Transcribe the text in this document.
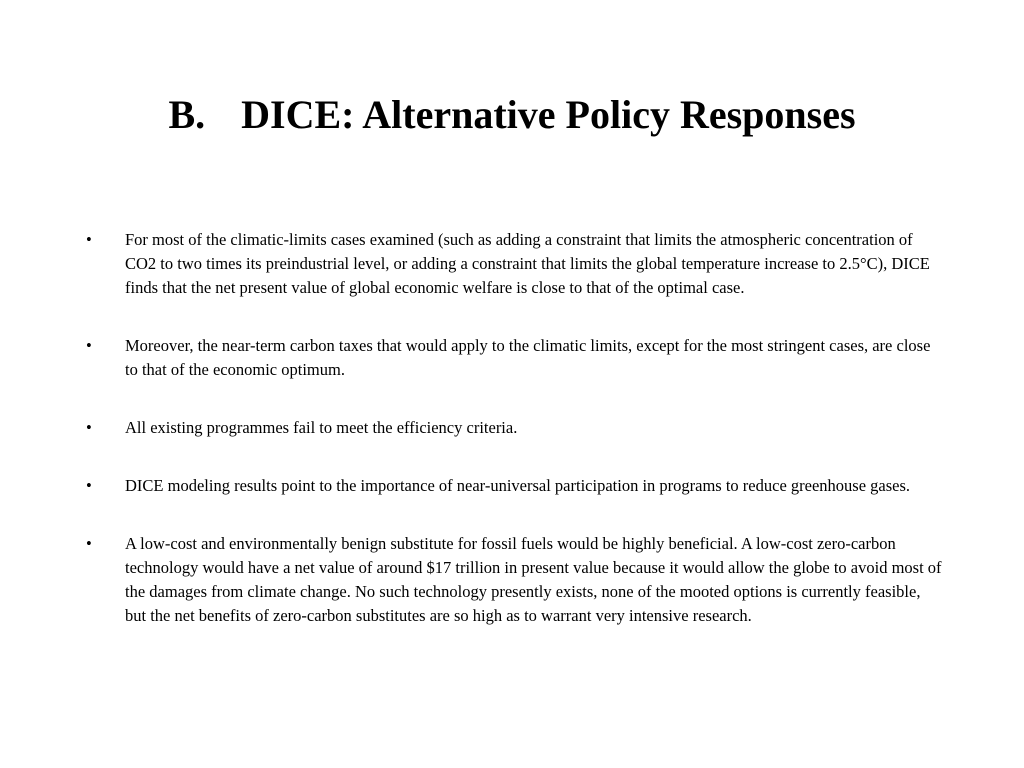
B. DICE: Alternative Policy Responses
•	For most of the climatic-limits cases examined (such as adding a constraint that limits the atmospheric concentration of CO2 to two times its preindustrial level, or adding a constraint that limits the global temperature increase to 2.5°C), DICE finds that the net present value of global economic welfare is close to that of the optimal case.
•	Moreover, the near-term carbon taxes that would apply to the climatic limits, except for the most stringent cases, are close to that of the economic optimum.
•	All existing programmes fail to meet the efficiency criteria.
•	DICE modeling results point to the importance of near-universal participation in programs to reduce greenhouse gases.
•	A low-cost and environmentally benign substitute for fossil fuels would be highly beneficial. A low-cost zero-carbon technology would have a net value of around $17 trillion in present value because it would allow the globe to avoid most of the damages from climate change. No such technology presently exists, none of the mooted options is currently feasible, but the net benefits of zero-carbon substitutes are so high as to warrant very intensive research.
